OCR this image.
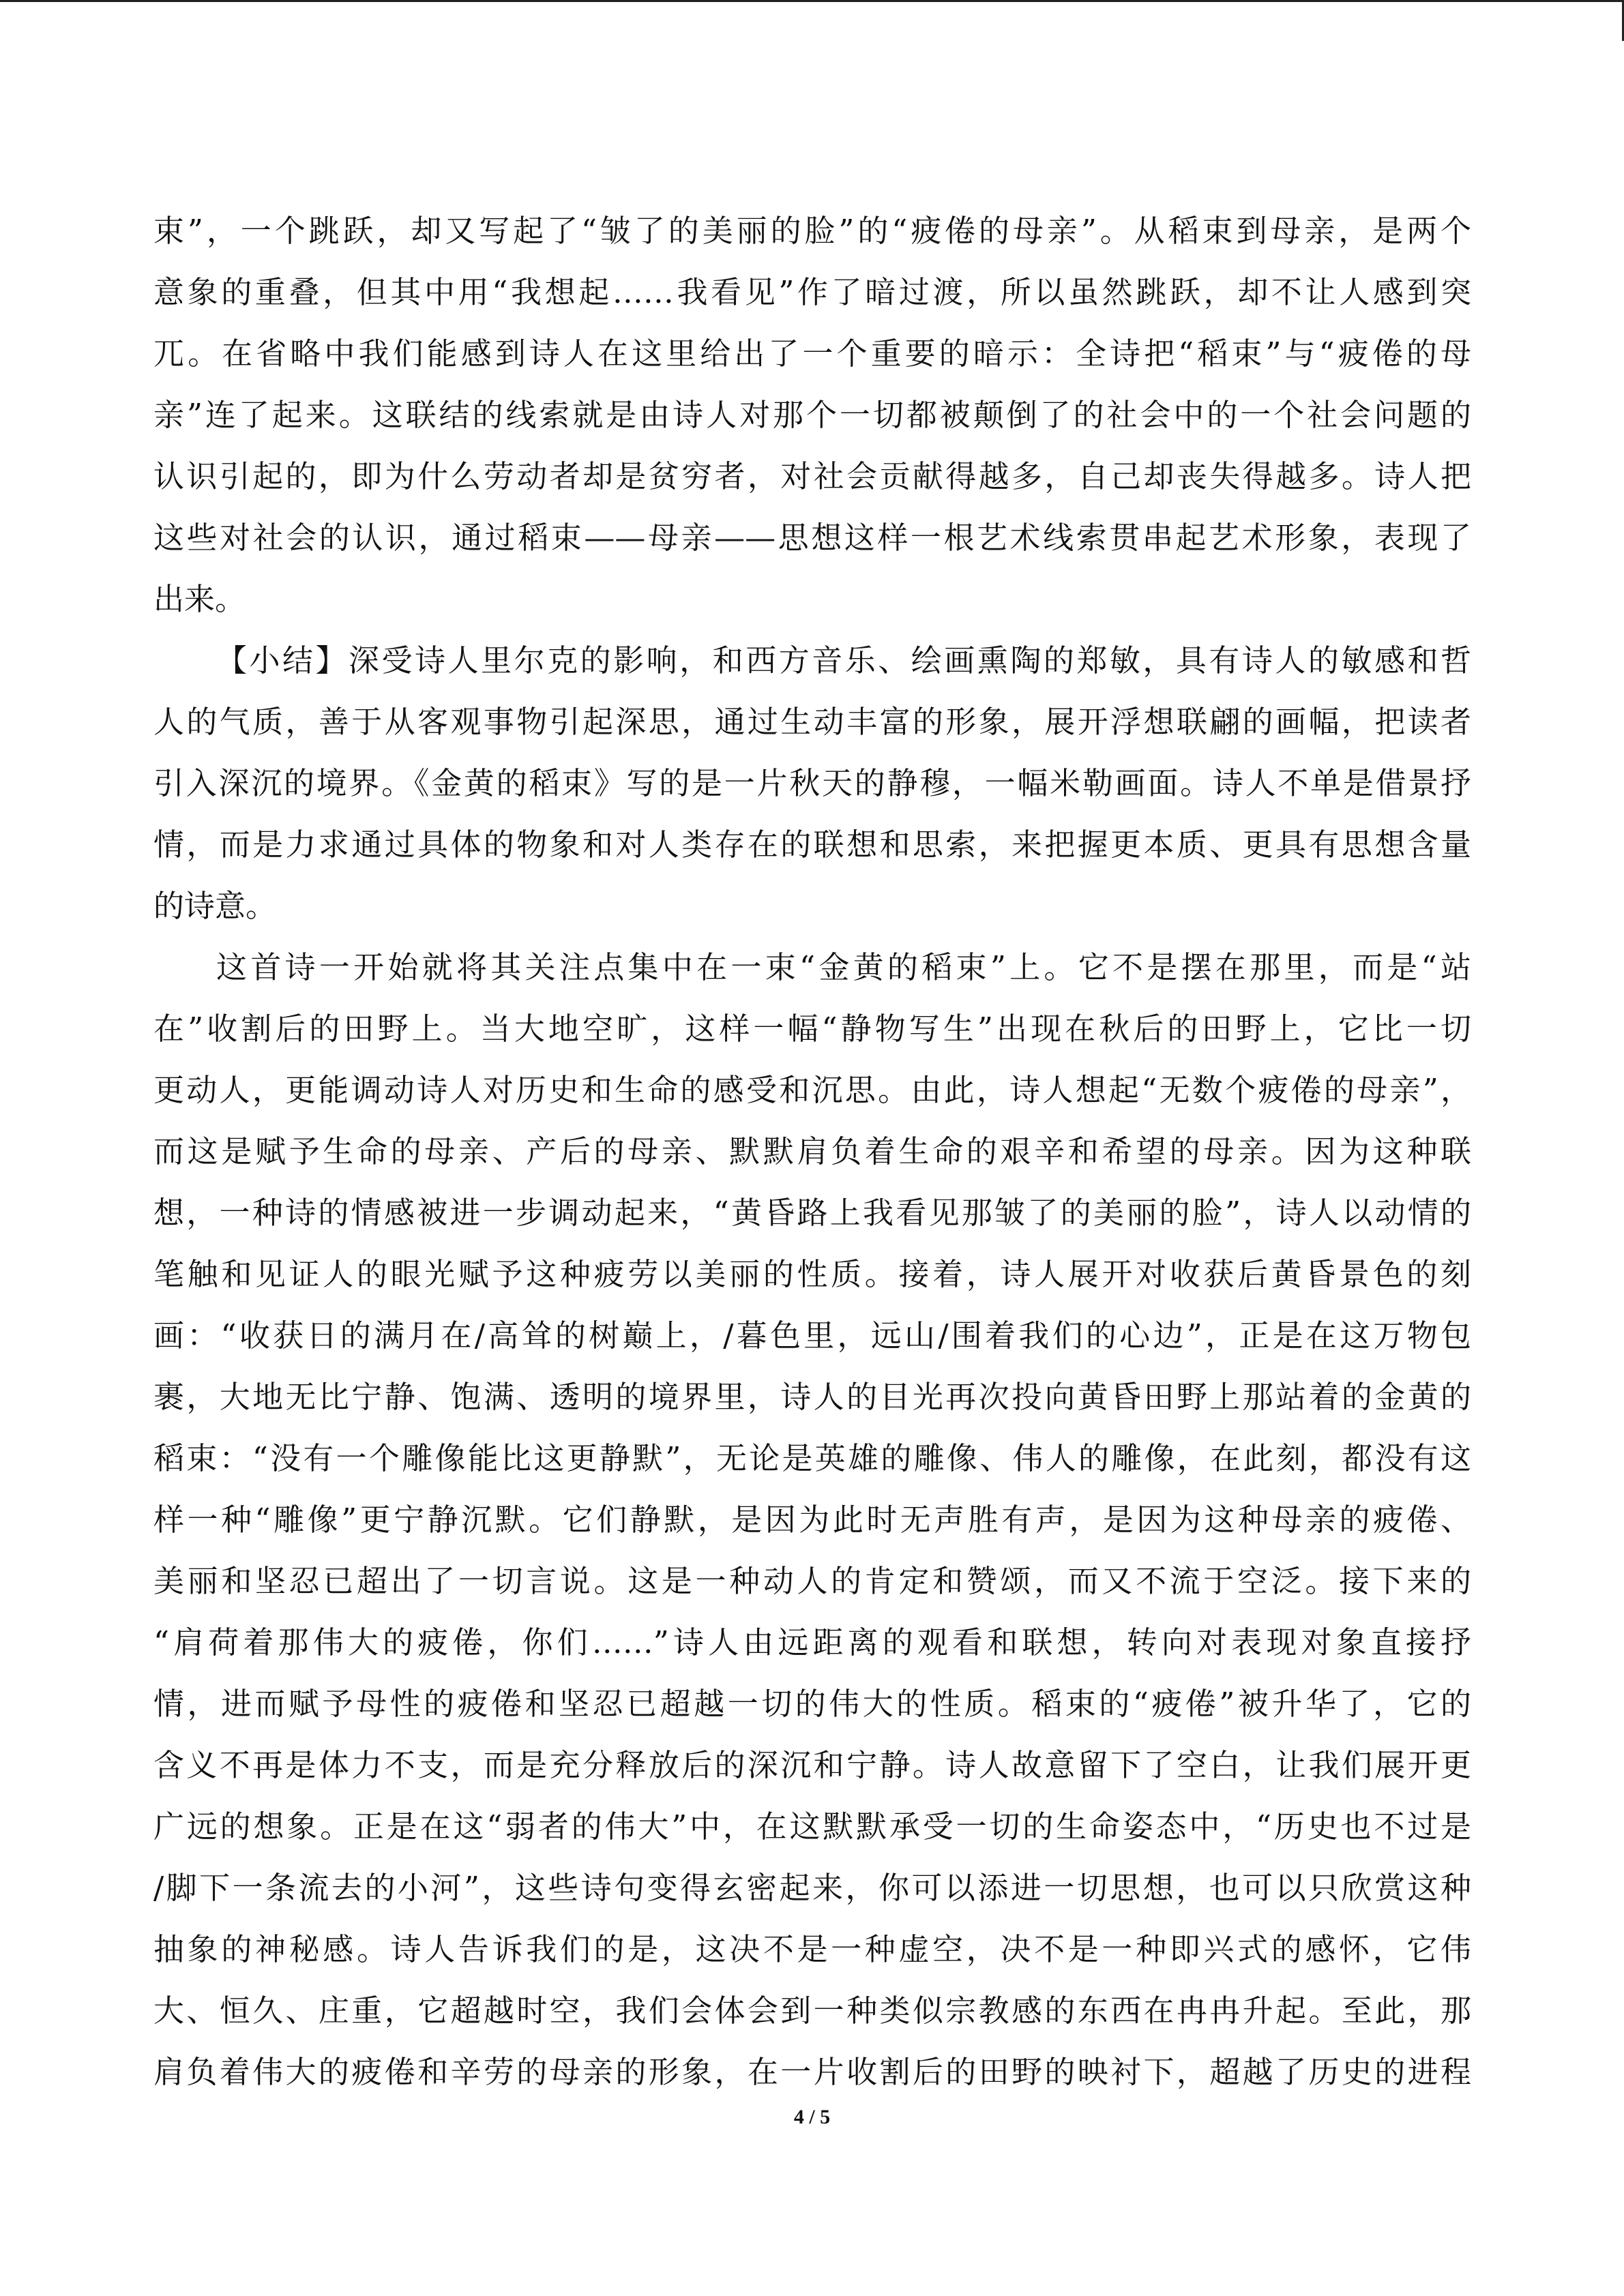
束”，一个跳跃，却又写起了“皱了的美丽的脸”的“疲倦的母亲”。从稻束到母亲，是两个
意象的重叠，但其中用“我想起……我看见”作了暗过渡，所以虽然跳跃，却不让人感到突
兀。在省略中我们能感到诗人在这里给出了一个重要的暗示：全诗把“稻束”与“疲倦的母
亲”连了起来。这联结的线索就是由诗人对那个一切都被颠倒了的社会中的一个社会问题的
认识引起的，即为什么劳动者却是贫穷者，对社会贡献得越多，自己却丧失得越多。诗人把
这些对社会的认识，通过稻束——母亲——思想这样一根艺术线索贯串起艺术形象，表现了
出来。
【小结】深受诗人里尔克的影响，和西方音乐、绘画熏陶的郑敏，具有诗人的敏感和哲
人的气质，善于从客观事物引起深思，通过生动丰富的形象，展开浮想联翩的画幅，把读者
引入深沉的境界。《金黄的稻束》写的是一片秋天的静穆，一幅米勒画面。诗人不单是借景抒
情，而是力求通过具体的物象和对人类存在的联想和思索，来把握更本质、更具有思想含量
的诗意。
这首诗一开始就将其关注点集中在一束“金黄的稻束”上。它不是摆在那里，而是“站
在”收割后的田野上。当大地空旷，这样一幅“静物写生”出现在秋后的田野上，它比一切
更动人，更能调动诗人对历史和生命的感受和沉思。由此，诗人想起“无数个疲倦的母亲”，
而这是赋予生命的母亲、产后的母亲、默默肩负着生命的艰辛和希望的母亲。因为这种联
想，一种诗的情感被进一步调动起来，“黄昏路上我看见那皱了的美丽的脸”，诗人以动情的
笔触和见证人的眼光赋予这种疲劳以美丽的性质。接着，诗人展开对收获后黄昏景色的刻
画：“收获日的满月在/高耸的树巅上，/暮色里，远山/围着我们的心边”，正是在这万物包
裹，大地无比宁静、饱满、透明的境界里，诗人的目光再次投向黄昏田野上那站着的金黄的
稻束：“没有一个雕像能比这更静默”，无论是英雄的雕像、伟人的雕像，在此刻，都没有这
样一种“雕像”更宁静沉默。它们静默，是因为此时无声胜有声，是因为这种母亲的疲倦、
美丽和坚忍已超出了一切言说。这是一种动人的肯定和赞颂，而又不流于空泛。接下来的
“肩荷着那伟大的疲倦，你们……”诗人由远距离的观看和联想，转向对表现对象直接抒
情，进而赋予母性的疲倦和坚忍已超越一切的伟大的性质。稻束的“疲倦”被升华了，它的
含义不再是体力不支，而是充分释放后的深沉和宁静。诗人故意留下了空白，让我们展开更
广远的想象。正是在这“弱者的伟大”中，在这默默承受一切的生命姿态中，“历史也不过是
/脚下一条流去的小河”，这些诗句变得玄密起来，你可以添进一切思想，也可以只欣赏这种
抽象的神秘感。诗人告诉我们的是，这决不是一种虚空，决不是一种即兴式的感怀，它伟
大、恒久、庄重，它超越时空，我们会体会到一种类似宗教感的东西在冉冉升起。至此，那
肩负着伟大的疲倦和辛劳的母亲的形象，在一片收割后的田野的映衬下，超越了历史的进程
4 / 5
